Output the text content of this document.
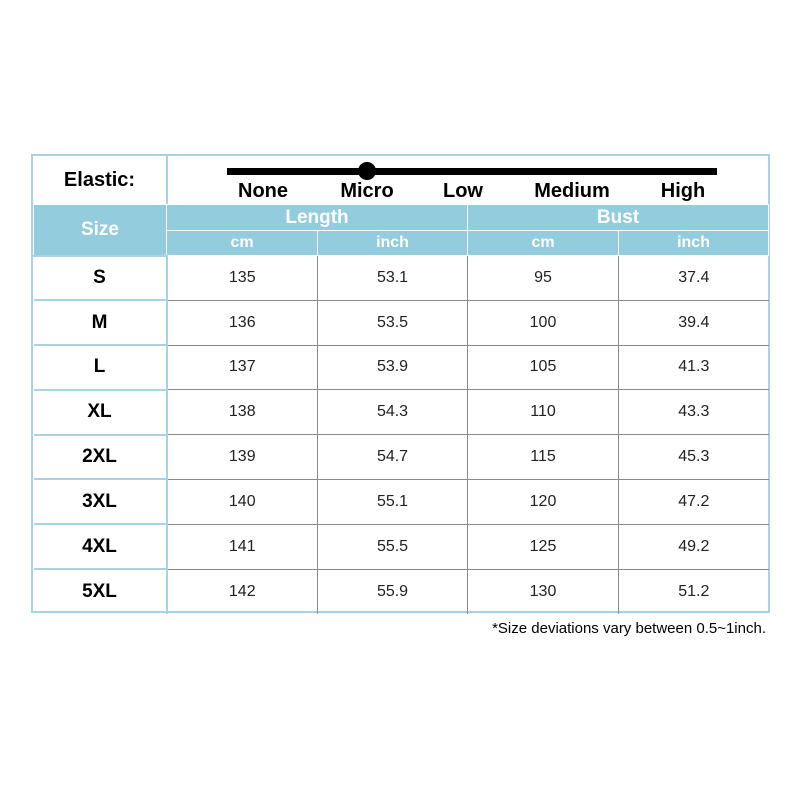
Elastic:
None	Micro Low	Medium	High
Size	Length		Bust	
	cm	inch	cm	inch
S	135	53.1	95	37.4
M	136	53.5	100	39.4
L	137	53.9	105	41.3
XL	138	54.3	110	43.3
2XL	139	54.7	115	45.3
3XL	140	55.1	120	47.2
4XL	141	55.5	125	49.2
5XL	142	55.9	130	51.2
*Size deviations vary between 0.5~1inch.
